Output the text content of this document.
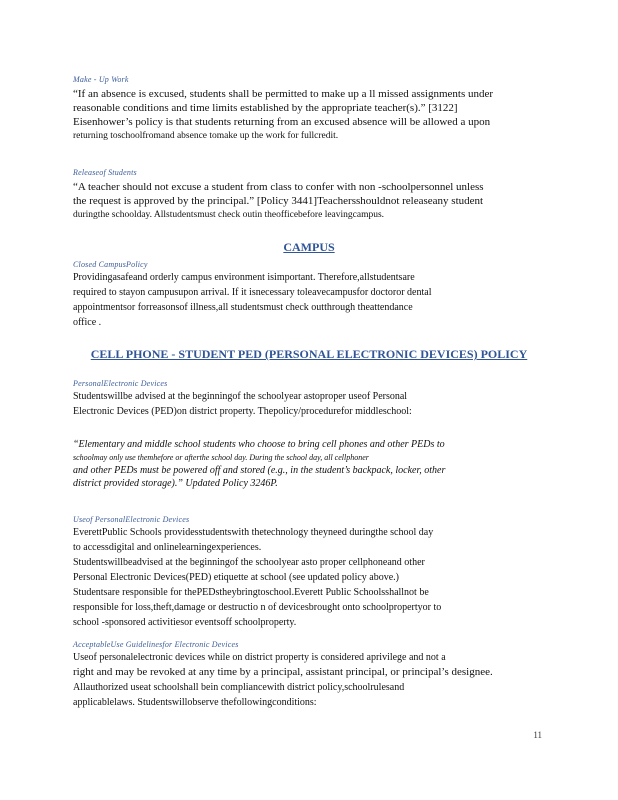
Make - Up Work
“If an absence is excused, students shall be permitted to make up a ll missed assignments under
reasonable conditions and time limits established by the appropriate teacher(s).” [3122]
Eisenhower’s policy is that students returning from an excused absence will be allowed a upon
returning toschoolfromand absence tomake up the work for fullcredit.
Releaseof Students
“A teacher should not excuse a student from class to confer with non -schoolpersonnel unless
the request is approved by the principal.” [Policy 3441]Teachersshouldnot releaseany student
duringthe schoolday. Allstudentsmust check outin theofficebefore leavingcampus.
CAMPUS
Closed CampusPolicy
Providingasafeand orderly campus environment isimportant. Therefore,allstudentsare
required to stayon campusupon arrival. If it isnecessary toleavecampusfor doctoror dental
appointmentsor forreasonsof illness,all studentsmust check outthrough theattendance
office .
CELL PHONE - STUDENT PED (PERSONAL ELECTRONIC DEVICES) POLICY
PersonalElectronic Devices
Studentswillbe advised at the beginningof the schoolyear astoproper useof Personal
Electronic Devices (PED)on district property. Thepolicy/procedurefor middleschool:
“Elementary and middle school students who choose to bring cell phones and other PEDs to
schoolmay only use themhefore or afterthe school day. During the school day, all cellphoner
and other PEDs must be powered off and stored (e.g., in the student’s backpack, locker, other
district provided storage).” Updated Policy 3246P.
Useof PersonalElectronic Devices
EverettPublic Schools providesstudentswith thetechnology theyneed duringthe school day
to accessdigital and onlinelearningexperiences.
Studentswillbeadvised at the beginningof the schoolyear asto proper cellphoneand other
Personal Electronic Devices(PED) etiquette at school (see updated policy above.)
Studentsare responsible for thePEDstheybringtoschool.Everett Public Schoolsshallnot be
responsible for loss,theft,damage or destructio n of devicesbrought onto schoolpropertyor to
school -sponsored activitiesor eventsoff schoolproperty.
AcceptableUse Guidelinesfor Electronic Devices
Useof personalelectronic devices while on district property is considered aprivilege and not a
right and may be revoked at any time by a principal, assistant principal, or principal’s designee.
Allauthorized useat schoolshall bein compliancewith district policy,schoolrulesand
applicablelaws. Studentswillobserve thefollowingconditions:
11
